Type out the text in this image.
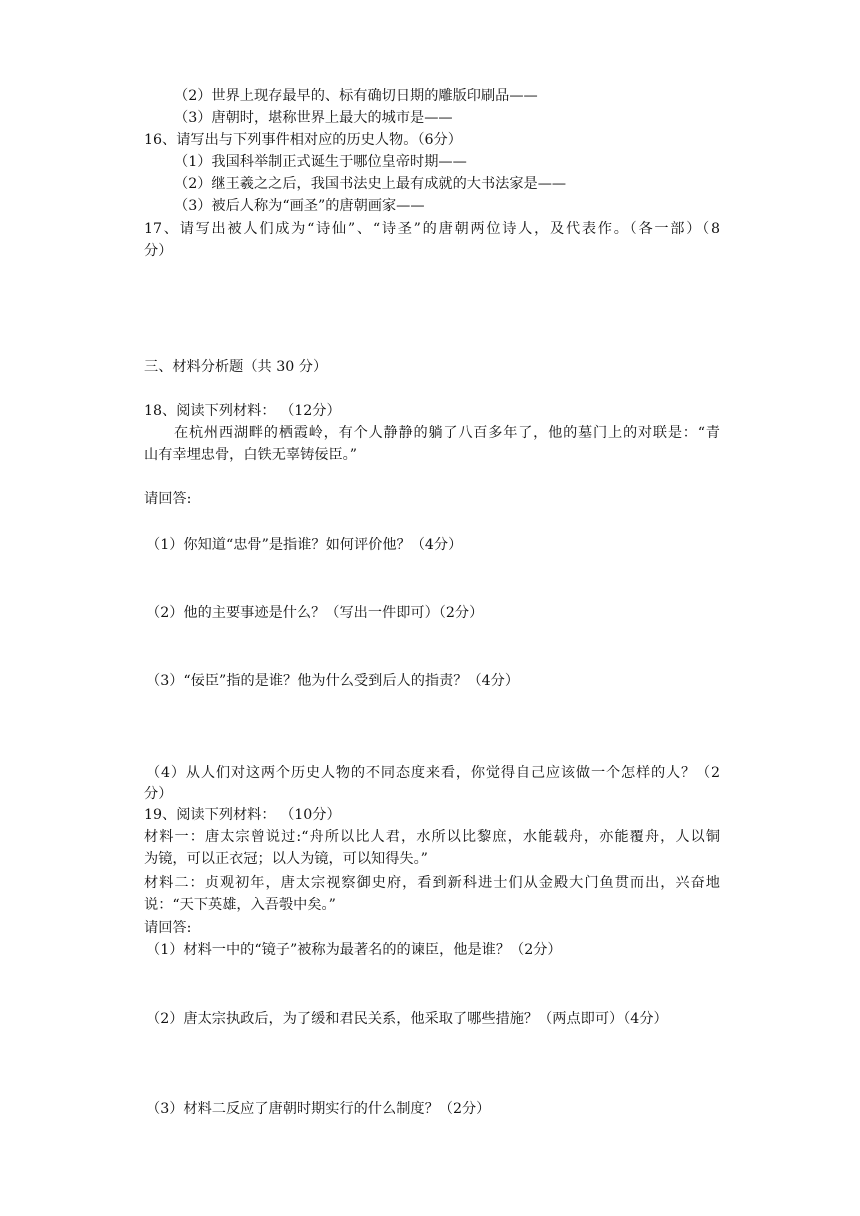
（2）世界上现存最早的、标有确切日期的雕版印刷品——
（3）唐朝时，堪称世界上最大的城市是——
16、请写出与下列事件相对应的历史人物。（6分）
（1）我国科举制正式诞生于哪位皇帝时期——
（2）继王羲之之后，我国书法史上最有成就的大书法家是——
（3）被后人称为“画圣”的唐朝画家——
17、请写出被人们成为“诗仙”、“诗圣”的唐朝两位诗人，及代表作。（各一部）（8
分）
三、材料分析题（共 30 分）
18、阅读下列材料： （12分）
在杭州西湖畔的栖霞岭，有个人静静的躺了八百多年了，他的墓门上的对联是：“青
山有幸埋忠骨，白铁无辜铸佞臣。”
请回答:
（1）你知道“忠骨”是指谁？如何评价他？（4分）
（2）他的主要事迹是什么？（写出一件即可）（2分）
（3）“佞臣”指的是谁？他为什么受到后人的指责？（4分）
（4）从人们对这两个历史人物的不同态度来看，你觉得自己应该做一个怎样的人？（2
分）
19、阅读下列材料： （10分）
材料一：唐太宗曾说过:“舟所以比人君，水所以比黎庶，水能载舟，亦能覆舟，人以铜
为镜，可以正衣冠；以人为镜，可以知得失。”
材料二：贞观初年，唐太宗视察御史府，看到新科进士们从金殿大门鱼贯而出，兴奋地
说：“天下英雄，入吾彀中矣。”
请回答:
（1）材料一中的“镜子”被称为最著名的的谏臣，他是谁？（2分）
（2）唐太宗执政后，为了缓和君民关系，他采取了哪些措施？（两点即可）（4分）
（3）材料二反应了唐朝时期实行的什么制度？（2分）
